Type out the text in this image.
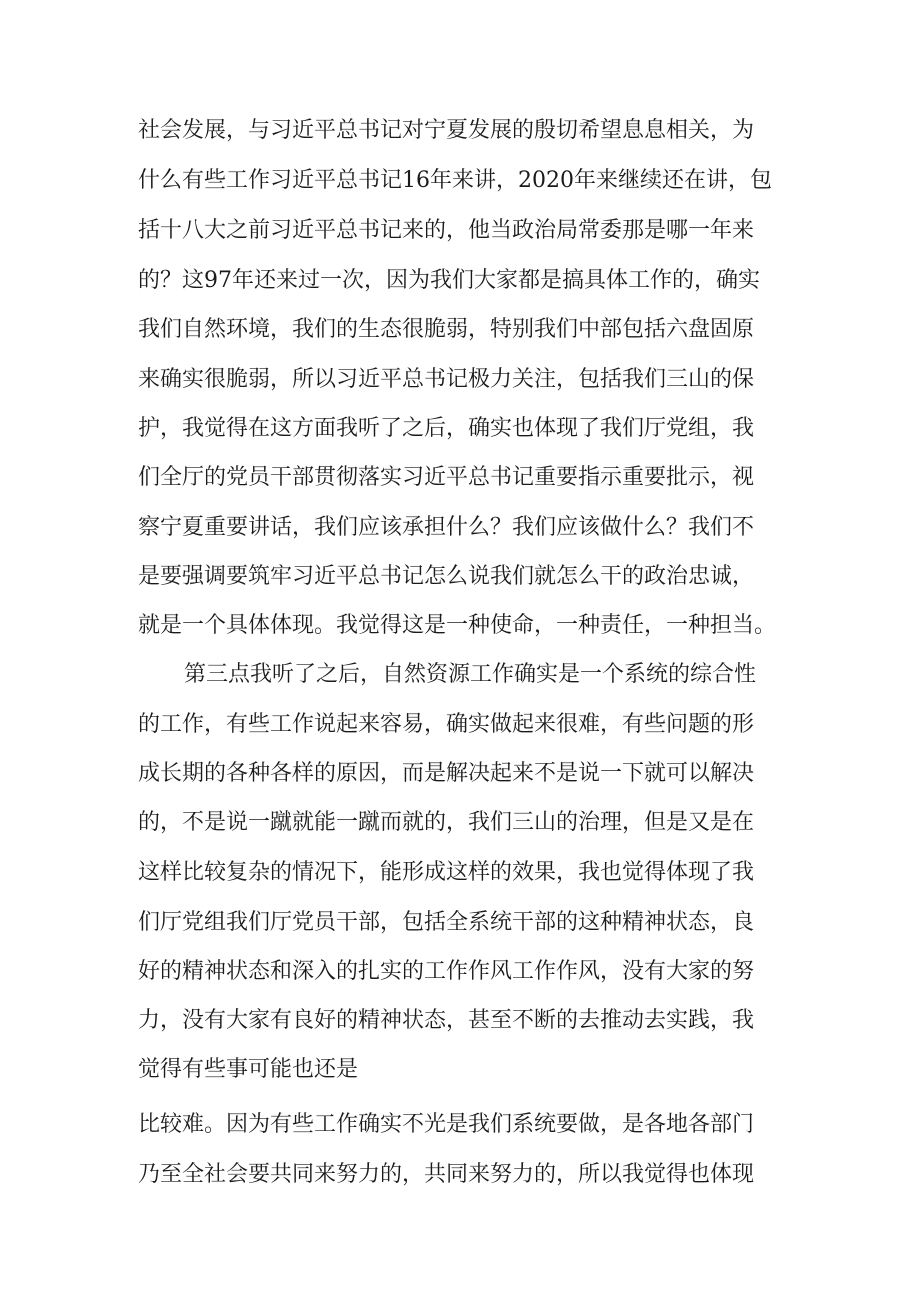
社会发展，与习近平总书记对宁夏发展的殷切希望息息相关，为
什么有些工作习近平总书记16年来讲，2020年来继续还在讲，包
括十八大之前习近平总书记来的，他当政治局常委那是哪一年来
的？这97年还来过一次，因为我们大家都是搞具体工作的，确实
我们自然环境，我们的生态很脆弱，特别我们中部包括六盘固原
来确实很脆弱，所以习近平总书记极力关注，包括我们三山的保
护，我觉得在这方面我听了之后，确实也体现了我们厅党组，我
们全厅的党员干部贯彻落实习近平总书记重要指示重要批示，视
察宁夏重要讲话，我们应该承担什么？我们应该做什么？我们不
是要强调要筑牢习近平总书记怎么说我们就怎么干的政治忠诚，
就是一个具体体现。我觉得这是一种使命，一种责任，一种担当。
第三点我听了之后，自然资源工作确实是一个系统的综合性
的工作，有些工作说起来容易，确实做起来很难，有些问题的形
成长期的各种各样的原因，而是解决起来不是说一下就可以解决
的，不是说一蹴就能一蹴而就的，我们三山的治理，但是又是在
这样比较复杂的情况下，能形成这样的效果，我也觉得体现了我
们厅党组我们厅党员干部，包括全系统干部的这种精神状态，良
好的精神状态和深入的扎实的工作作风工作作风，没有大家的努
力，没有大家有良好的精神状态，甚至不断的去推动去实践，我
觉得有些事可能也还是
比较难。因为有些工作确实不光是我们系统要做，是各地各部门
乃至全社会要共同来努力的，共同来努力的，所以我觉得也体现
